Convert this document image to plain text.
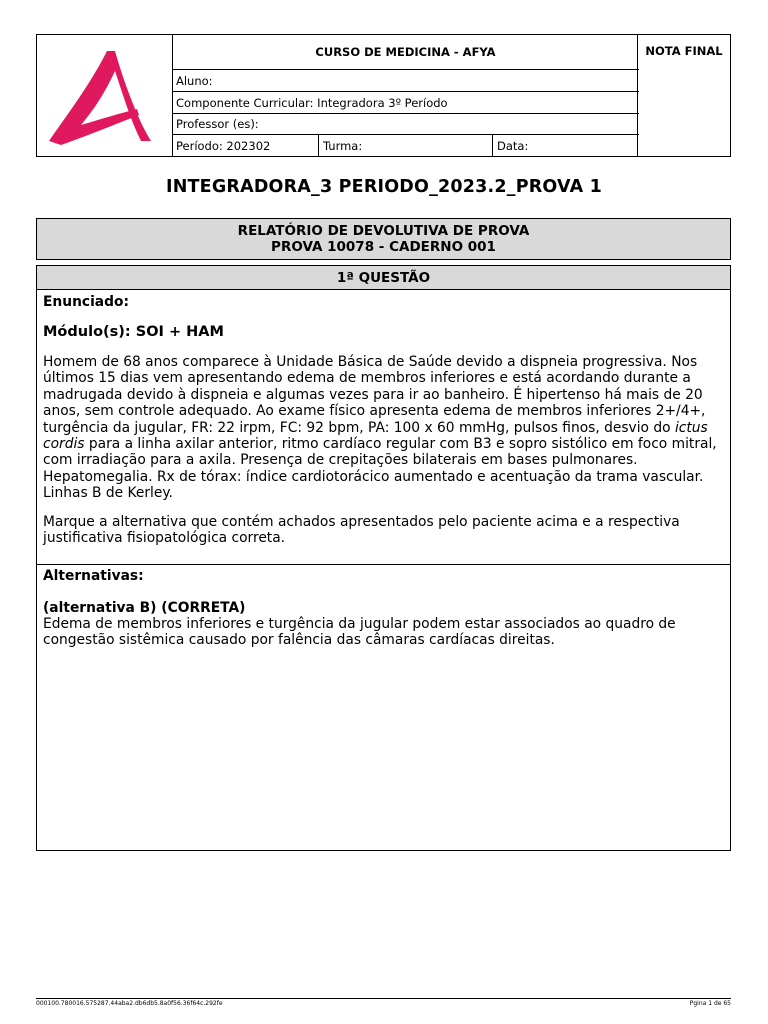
CURSO DE MEDICINA - AFYA
Aluno:
Componente Curricular: Integradora 3º Período
Professor (es):
Período: 202302	Turma:	Data:
NOTA FINAL
INTEGRADORA_3 PERIODO_2023.2_PROVA 1
RELATÓRIO DE DEVOLUTIVA DE PROVA
PROVA 10078 - CADERNO 001
1ª QUESTÃO
Enunciado:
Módulo(s): SOI + HAM
Homem de 68 anos comparece à Unidade Básica de Saúde devido a dispneia progressiva. Nos últimos 15 dias vem apresentando edema de membros inferiores e está acordando durante a madrugada devido à dispneia e algumas vezes para ir ao banheiro. É hipertenso há mais de 20 anos, sem controle adequado. Ao exame físico apresenta edema de membros inferiores 2+/4+, turgência da jugular, FR: 22 irpm, FC: 92 bpm, PA: 100 x 60 mmHg, pulsos finos, desvio do ictus cordis para a linha axilar anterior, ritmo cardíaco regular com B3 e sopro sistólico em foco mitral, com irradiação para a axila. Presença de crepitações bilaterais em bases pulmonares. Hepatomegalia. Rx de tórax: índice cardiotorácico aumentado e acentuação da trama vascular. Linhas B de Kerley.
Marque a alternativa que contém achados apresentados pelo paciente acima e a respectiva justificativa fisiopatológica correta.
Alternativas:
(alternativa B) (CORRETA)
Edema de membros inferiores e turgência da jugular podem estar associados ao quadro de congestão sistêmica causado por falência das câmaras cardíacas direitas.
000100.780016.575287.44aba2.db6db5.8a0f56.36f64c.292fe	Pgina 1 de 65
